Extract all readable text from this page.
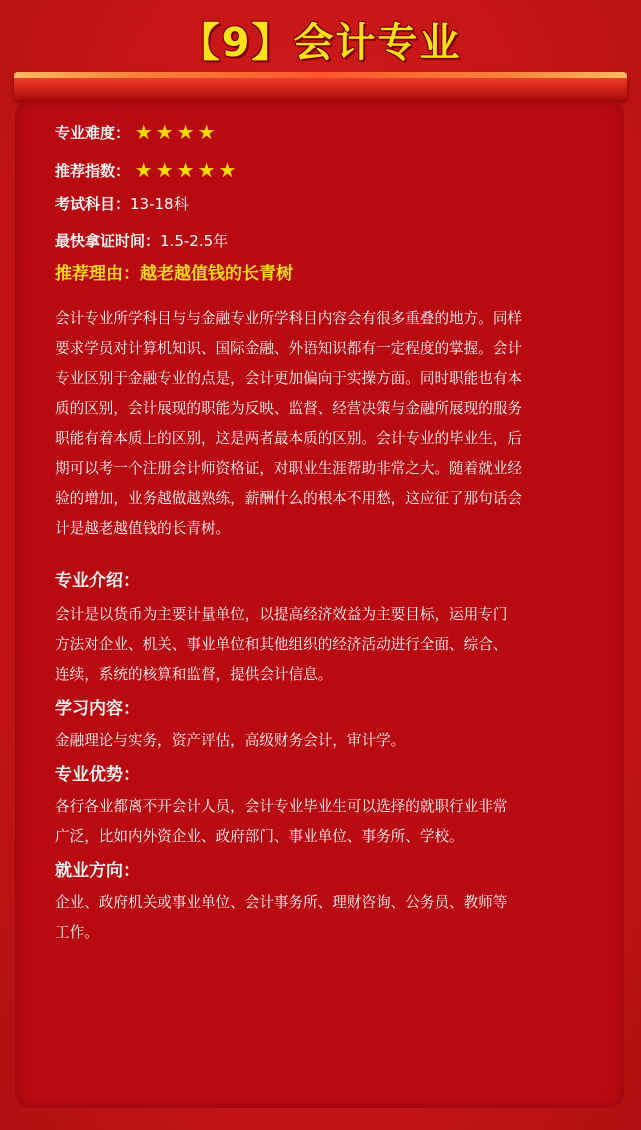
【9】会计专业
专业难度： ★★★★
推荐指数： ★★★★★
考试科目：13-18科
最快拿证时间：1.5-2.5年
推荐理由：越老越值钱的长青树
会计专业所学科目与与金融专业所学科目内容会有很多重叠的地方。同样
要求学员对计算机知识、国际金融、外语知识都有一定程度的掌握。会计
专业区别于金融专业的点是，会计更加偏向于实操方面。同时职能也有本
质的区别，会计展现的职能为反映、监督、经营决策与金融所展现的服务
职能有着本质上的区别，这是两者最本质的区别。会计专业的毕业生，后
期可以考一个注册会计师资格证，对职业生涯帮助非常之大。随着就业经
验的增加，业务越做越熟练，薪酬什么的根本不用愁，这应征了那句话会
计是越老越值钱的长青树。
专业介绍：
会计是以货币为主要计量单位，以提高经济效益为主要目标，运用专门
方法对企业、机关、事业单位和其他组织的经济活动进行全面、综合、
连续，系统的核算和监督，提供会计信息。
学习内容：
金融理论与实务，资产评估，高级财务会计，审计学。
专业优势：
各行各业都离不开会计人员，会计专业毕业生可以选择的就职行业非常
广泛，比如内外资企业、政府部门、事业单位、事务所、学校。
就业方向：
企业、政府机关或事业单位、会计事务所、理财咨询、公务员、教师等
工作。
